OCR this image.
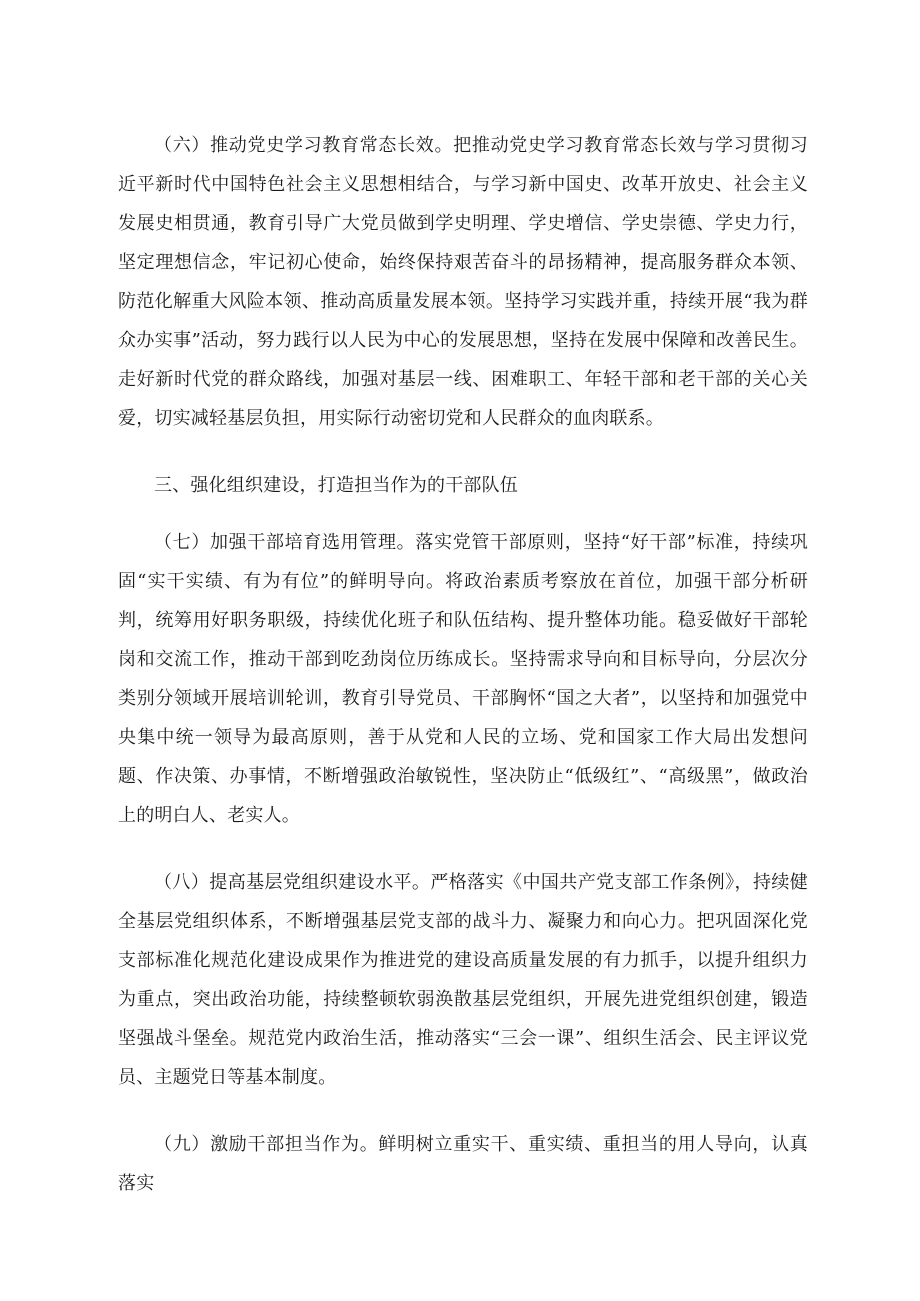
（六）推动党史学习教育常态长效。把推动党史学习教育常态长效与学习贯彻习近平新时代中国特色社会主义思想相结合，与学习新中国史、改革开放史、社会主义发展史相贯通，教育引导广大党员做到学史明理、学史增信、学史崇德、学史力行，坚定理想信念，牢记初心使命，始终保持艰苦奋斗的昂扬精神，提高服务群众本领、防范化解重大风险本领、推动高质量发展本领。坚持学习实践并重，持续开展“我为群众办实事”活动，努力践行以人民为中心的发展思想，坚持在发展中保障和改善民生。走好新时代党的群众路线，加强对基层一线、困难职工、年轻干部和老干部的关心关爱，切实减轻基层负担，用实际行动密切党和人民群众的血肉联系。

三、强化组织建设，打造担当作为的干部队伍

（七）加强干部培育选用管理。落实党管干部原则，坚持“好干部”标准，持续巩固“实干实绩、有为有位”的鲜明导向。将政治素质考察放在首位，加强干部分析研判，统筹用好职务职级，持续优化班子和队伍结构、提升整体功能。稳妥做好干部轮岗和交流工作，推动干部到吃劲岗位历练成长。坚持需求导向和目标导向，分层次分类别分领域开展培训轮训，教育引导党员、干部胸怀“国之大者”，以坚持和加强党中央集中统一领导为最高原则，善于从党和人民的立场、党和国家工作大局出发想问题、作决策、办事情，不断增强政治敏锐性，坚决防止“低级红”、“高级黑”，做政治上的明白人、老实人。

（八）提高基层党组织建设水平。严格落实《中国共产党支部工作条例》，持续健全基层党组织体系，不断增强基层党支部的战斗力、凝聚力和向心力。把巩固深化党支部标准化规范化建设成果作为推进党的建设高质量发展的有力抓手，以提升组织力为重点，突出政治功能，持续整顿软弱涣散基层党组织，开展先进党组织创建，锻造坚强战斗堡垒。规范党内政治生活，推动落实“三会一课”、组织生活会、民主评议党员、主题党日等基本制度。

（九）激励干部担当作为。鲜明树立重实干、重实绩、重担当的用人导向，认真落实
